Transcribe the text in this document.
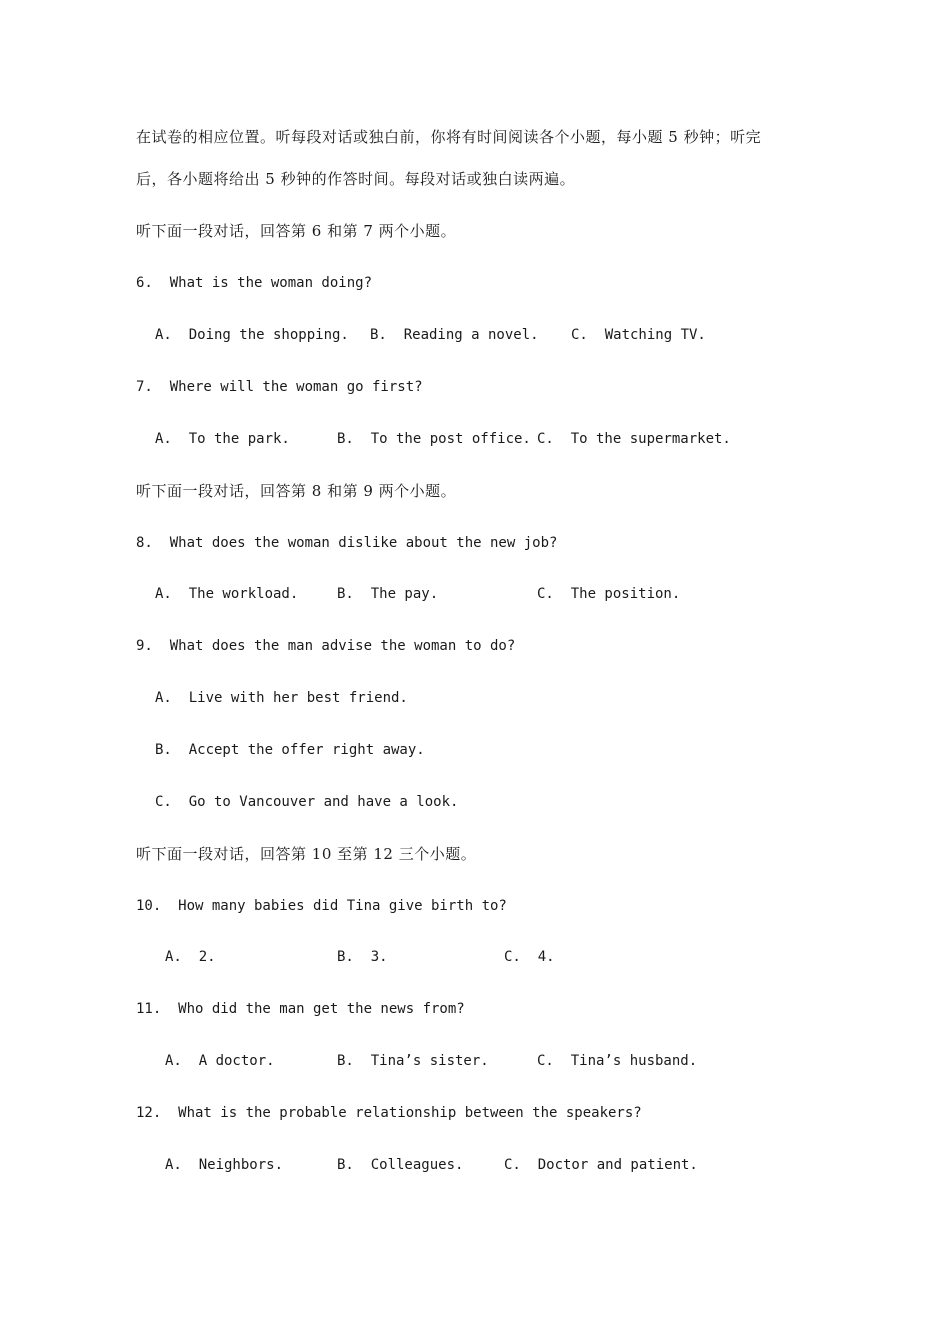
在试卷的相应位置。听每段对话或独白前，你将有时间阅读各个小题，每小题 5 秒钟；听完
后，各小题将给出 5 秒钟的作答时间。每段对话或独白读两遍。
听下面一段对话，回答第 6 和第 7 两个小题。
6.  What is the woman doing?

A.  Doing the shopping.

B.  Reading a novel.

C.  Watching TV.

7.  Where will the woman go first?

A.  To the park.

	B.  To the post office.

C.  To the supermarket.

听下面一段对话，回答第 8 和第 9 两个小题。
8.  What does the woman dislike about the new job?

A.  The workload.

	B.  The pay.

	C.  The position.

9.  What does the man advise the woman to do?
A.  Live with her best friend.
B.  Accept the offer right away.
C.  Go to Vancouver and have a look.
听下面一段对话，回答第 10 至第 12 三个小题。
10.  How many babies did Tina give birth to?

A.  2.

	B.  3.

	C.  4.

11.  Who did the man get the news from?

A.  A doctor.

	B.  Tina’s sister.

	C.  Tina’s husband.

12.  What is the probable relationship between the speakers?

A.  Neighbors.

	B.  Colleagues.

	C.  Doctor and patient.
